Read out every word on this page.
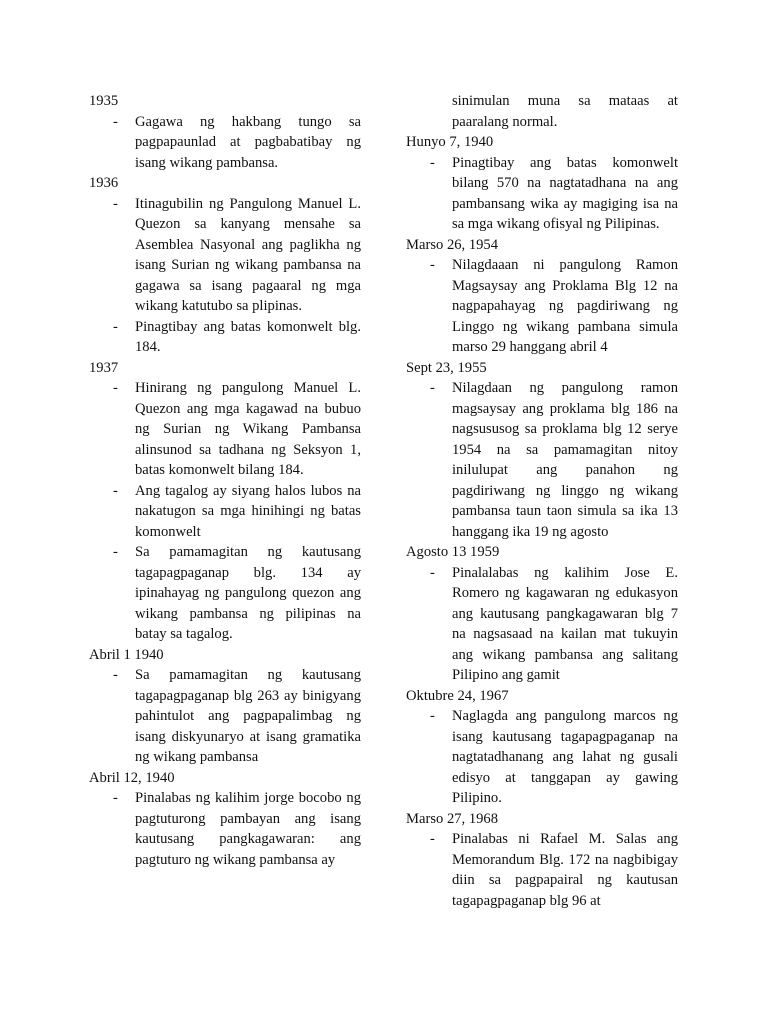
1935

- Gagawa ng hakbang tungo sa pagpapaunlad at pagbabatibay ng isang wikang pambansa.

1936

- Itinagubilin ng Pangulong Manuel L. Quezon sa kanyang mensahe sa Asemblea Nasyonal ang paglikha ng isang Surian ng wikang pambansa na gagawa sa isang pagaaral ng mga wikang katutubo sa plipinas.

- Pinagtibay ang batas komonwelt blg. 184.

1937

- Hinirang ng pangulong Manuel L. Quezon ang mga kagawad na bubuo ng Surian ng Wikang Pambansa alinsunod sa tadhana ng Seksyon 1, batas komonwelt bilang 184.

- Ang tagalog ay siyang halos lubos na nakatugon sa mga hinihingi ng batas komonwelt

- Sa pamamagitan ng kautusang tagapagpaganap blg. 134 ay ipinahayag ng pangulong quezon ang wikang pambansa ng pilipinas na batay sa tagalog.

Abril 1 1940

- Sa pamamagitan ng kautusang tagapagpaganap blg 263 ay binigyang pahintulot ang pagpapalimbag ng isang diskyunaryo at isang gramatika ng wikang pambansa

Abril 12, 1940

- Pinalabas ng kalihim jorge bocobo ng pagtuturong pambayan ang isang kautusang pangkagawaran: ang pagtuturo ng wikang pambansa ay

sinimulan muna sa mataas at paaralang normal.

Hunyo 7, 1940

- Pinagtibay ang batas komonwelt bilang 570 na nagtatadhana na ang pambansang wika ay magiging isa na sa mga wikang ofisyal ng Pilipinas.

Marso 26, 1954

- Nilagdaaan ni pangulong Ramon Magsaysay ang Proklama Blg 12 na nagpapahayag ng pagdiriwang ng Linggo ng wikang pambana simula marso 29 hanggang abril 4

Sept 23, 1955

- Nilagdaan ng pangulong ramon magsaysay ang proklama blg 186 na nagsususog sa proklama blg 12 serye 1954 na sa pamamagitan nitoy inilulupat ang panahon ng pagdiriwang ng linggo ng wikang pambansa taun taon simula sa ika 13 hanggang ika 19 ng agosto

Agosto 13 1959

- Pinalalabas ng kalihim Jose E. Romero ng kagawaran ng edukasyon ang kautusang pangkagawaran blg 7 na nagsasaad na kailan mat tukuyin ang wikang pambansa ang salitang Pilipino ang gamit

Oktubre 24, 1967

- Naglagda ang pangulong marcos ng isang kautusang tagapagpaganap na nagtatadhanang ang lahat ng gusali edisyo at tanggapan ay gawing Pilipino.

Marso 27, 1968

- Pinalabas ni Rafael M. Salas ang Memorandum Blg. 172 na nagbibigay diin sa pagpapairal ng kautusan tagapagpaganap blg 96 at
